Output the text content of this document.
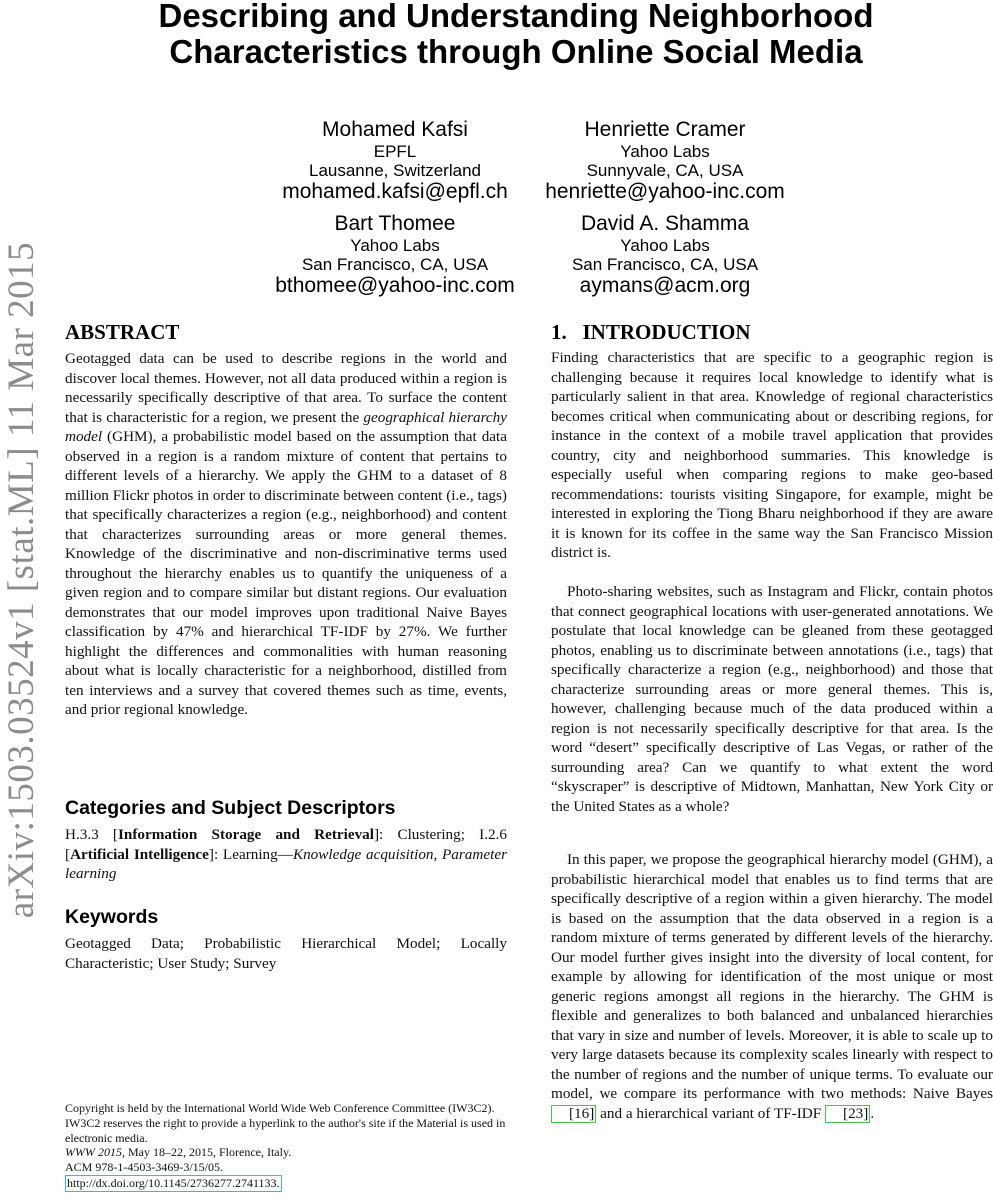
arXiv:1503.03524v1 [stat.ML] 11 Mar 2015
Describing and Understanding Neighborhood
Characteristics through Online Social Media
Mohamed Kafsi
EPFL
Lausanne, Switzerland
mohamed.kafsi@epfl.ch
Henriette Cramer
Yahoo Labs
Sunnyvale, CA, USA
henriette@yahoo-inc.com
Bart Thomee
Yahoo Labs
San Francisco, CA, USA
bthomee@yahoo-inc.com
David A. Shamma
Yahoo Labs
San Francisco, CA, USA
aymans@acm.org
ABSTRACT
Geotagged data can be used to describe regions in the world and discover local themes. However, not all data produced within a region is necessarily specifically descriptive of that area. To surface the content that is characteristic for a region, we present the geographical hierarchy model (GHM), a probabilistic model based on the assumption that data observed in a region is a random mixture of content that pertains to different levels of a hierarchy. We apply the GHM to a dataset of 8 million Flickr photos in order to discriminate between content (i.e., tags) that specifically characterizes a region (e.g., neighborhood) and content that characterizes surrounding areas or more general themes. Knowledge of the discriminative and non-discriminative terms used throughout the hierarchy enables us to quantify the uniqueness of a given region and to compare similar but distant regions. Our evaluation demonstrates that our model improves upon traditional Naive Bayes classification by 47% and hierarchical TF-IDF by 27%. We further highlight the differences and commonalities with human reasoning about what is locally characteristic for a neighborhood, distilled from ten interviews and a survey that covered themes such as time, events, and prior regional knowledge.
Categories and Subject Descriptors
H.3.3 [Information Storage and Retrieval]: Clustering; I.2.6 [Artificial Intelligence]: Learning—Knowledge acquisition, Parameter learning
Keywords
Geotagged Data; Probabilistic Hierarchical Model; Locally Characteristic; User Study; Survey
Copyright is held by the International World Wide Web Conference Committee (IW3C2). IW3C2 reserves the right to provide a hyperlink to the author's site if the Material is used in electronic media.
WWW 2015, May 18–22, 2015, Florence, Italy.
ACM 978-1-4503-3469-3/15/05.
http://dx.doi.org/10.1145/2736277.2741133.
1. INTRODUCTION
Finding characteristics that are specific to a geographic region is challenging because it requires local knowledge to identify what is particularly salient in that area. Knowledge of regional characteristics becomes critical when communicating about or describing regions, for instance in the context of a mobile travel application that provides country, city and neighborhood summaries. This knowledge is especially useful when comparing regions to make geo-based recommendations: tourists visiting Singapore, for example, might be interested in exploring the Tiong Bharu neighborhood if they are aware it is known for its coffee in the same way the San Francisco Mission district is.
Photo-sharing websites, such as Instagram and Flickr, contain photos that connect geographical locations with user-generated annotations. We postulate that local knowledge can be gleaned from these geotagged photos, enabling us to discriminate between annotations (i.e., tags) that specifically characterize a region (e.g., neighborhood) and those that characterize surrounding areas or more general themes. This is, however, challenging because much of the data produced within a region is not necessarily specifically descriptive for that area. Is the word “desert” specifically descriptive of Las Vegas, or rather of the surrounding area? Can we quantify to what extent the word “skyscraper” is descriptive of Midtown, Manhattan, New York City or the United States as a whole?
In this paper, we propose the geographical hierarchy model (GHM), a probabilistic hierarchical model that enables us to find terms that are specifically descriptive of a region within a given hierarchy. The model is based on the assumption that the data observed in a region is a random mixture of terms generated by different levels of the hierarchy. Our model further gives insight into the diversity of local content, for example by allowing for identification of the most unique or most generic regions amongst all regions in the hierarchy. The GHM is flexible and generalizes to both balanced and unbalanced hierarchies that vary in size and number of levels. Moreover, it is able to scale up to very large datasets because its complexity scales linearly with respect to the number of regions and the number of unique terms. To evaluate our model, we compare its performance with two methods: Naive Bayes [16] and a hierarchical variant of TF-IDF [23] .
